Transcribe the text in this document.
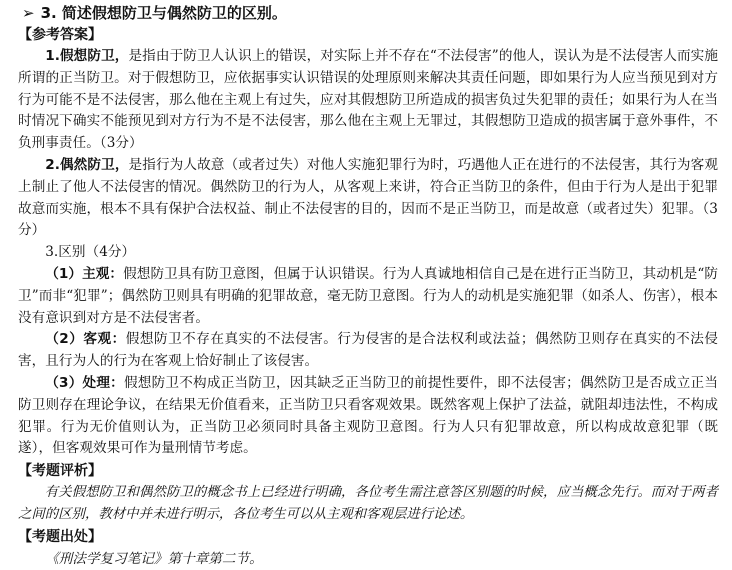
➢ 3. 简述假想防卫与偶然防卫的区别。
【参考答案】

1.假想防卫，是指由于防卫人认识上的错误，对实际上并不存在“不法侵害”的他人，误认为是不法侵害人而实施所谓的正当防卫。对于假想防卫，应依据事实认识错误的处理原则来解决其责任问题，即如果行为人应当预见到对方行为可能不是不法侵害，那么他在主观上有过失，应对其假想防卫所造成的损害负过失犯罪的责任；如果行为人在当时情况下确实不能预见到对方行为不是不法侵害，那么他在主观上无罪过，其假想防卫造成的损害属于意外事件，不负刑事责任。（3分）

2.偶然防卫，是指行为人故意（或者过失）对他人实施犯罪行为时，巧遇他人正在进行的不法侵害，其行为客观上制止了他人不法侵害的情况。偶然防卫的行为人，从客观上来讲，符合正当防卫的条件，但由于行为人是出于犯罪故意而实施，根本不具有保护合法权益、制止不法侵害的目的，因而不是正当防卫，而是故意（或者过失）犯罪。（3分）

3.区别（4分）

（1）主观：假想防卫具有防卫意图，但属于认识错误。行为人真诚地相信自己是在进行正当防卫，其动机是“防卫”而非“犯罪”；偶然防卫则具有明确的犯罪故意，毫无防卫意图。行为人的动机是实施犯罪（如杀人、伤害），根本没有意识到对方是不法侵害者。

（2）客观：假想防卫不存在真实的不法侵害。行为侵害的是合法权利或法益；偶然防卫则存在真实的不法侵害，且行为人的行为在客观上恰好制止了该侵害。

（3）处理：假想防卫不构成正当防卫，因其缺乏正当防卫的前提性要件，即不法侵害；偶然防卫是否成立正当防卫则存在理论争议，在结果无价值看来，正当防卫只看客观效果。既然客观上保护了法益，就阻却违法性，不构成犯罪。行为无价值则认为，正当防卫必须同时具备主观防卫意图。行为人只有犯罪故意，所以构成故意犯罪（既遂），但客观效果可作为量刑情节考虑。

【考题评析】

有关假想防卫和偶然防卫的概念书上已经进行明确，各位考生需注意答区别题的时候，应当概念先行。而对于两者之间的区别，教材中并未进行明示，各位考生可以从主观和客观层进行论述。

【考题出处】

《刑法学复习笔记》第十章第二节。
